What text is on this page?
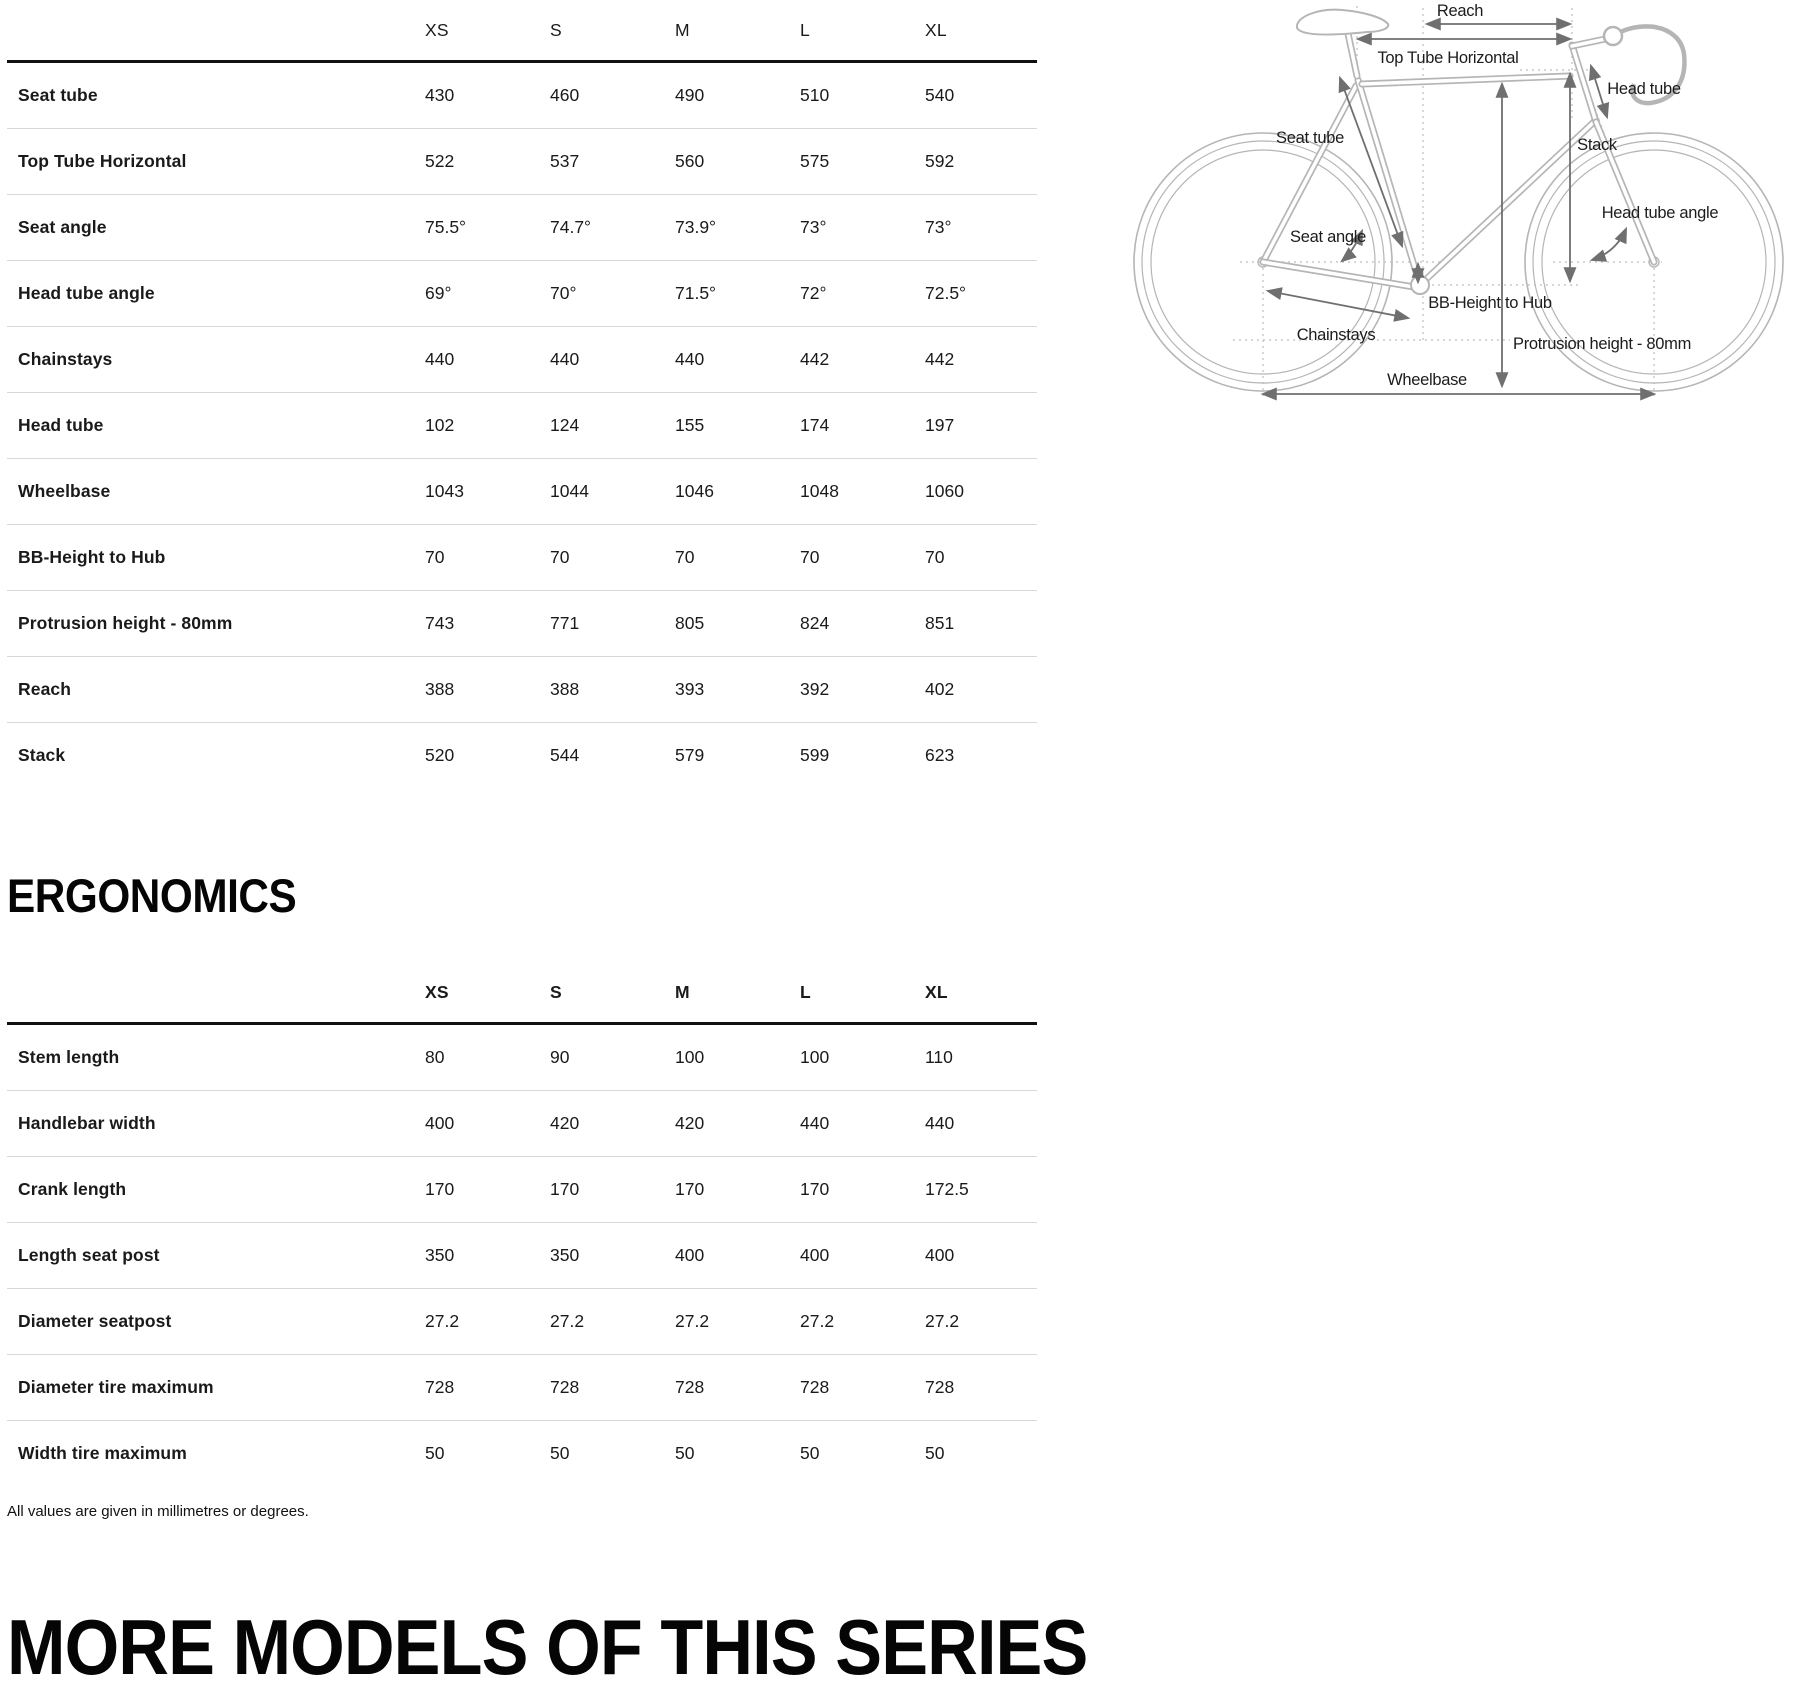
XS	S	M	L	XL
Seat tube	430	460	490	510	540
Top Tube Horizontal	522	537	560	575	592
Seat angle	75.5°	74.7°	73.9°	73°	73°
Head tube angle	69°	70°	71.5°	72°	72.5°
Chainstays	440	440	440	442	442
Head tube	102	124	155	174	197
Wheelbase	1043	1044	1046	1048	1060
BB-Height to Hub	70	70	70	70	70
Protrusion height - 80mm	743	771	805	824	851
Reach	388	388	393	392	402
Stack	520	544	579	599	623
ERGONOMICS
XS	S	M	L	XL
Stem length	80	90	100	100	110
Handlebar width	400	420	420	440	440
Crank length	170	170	170	170	172.5
Length seat post	350	350	400	400	400
Diameter seatpost	27.2	27.2	27.2	27.2	27.2
Diameter tire maximum	728	728	728	728	728
Width tire maximum	50	50	50	50	50
All values are given in millimetres or degrees.
MORE MODELS OF THIS SERIES
Reach
Top Tube Horizontal
Head tube
Seat tube	Stack
Head tube angle
Seat angle
BB-Height to Hub
Chainstays	Protrusion height - 80mm
Wheelbase
